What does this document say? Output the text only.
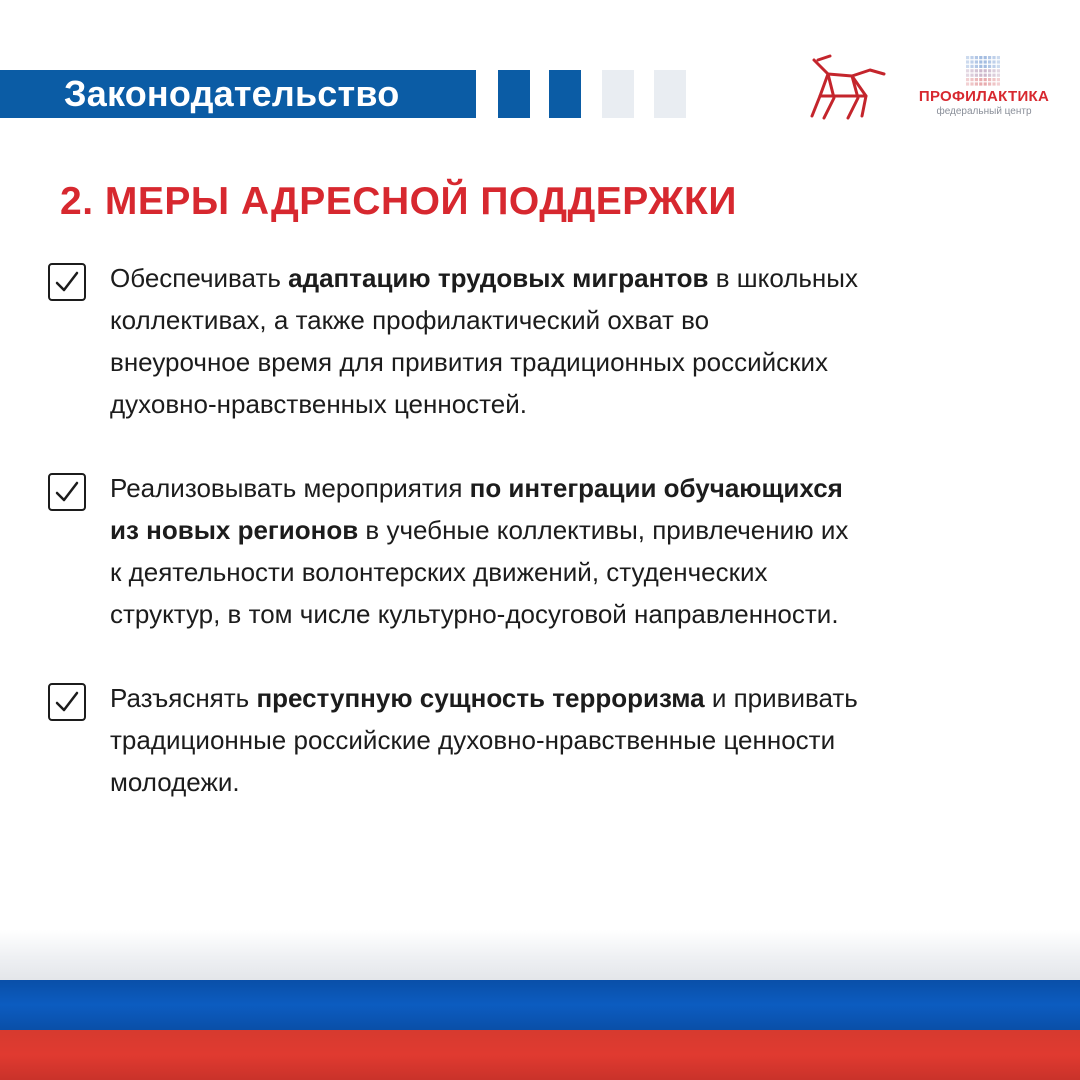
Законодательство	ПРОФИЛАКТИКА
федеральный центр
2. МЕРЫ АДРЕСНОЙ ПОДДЕРЖКИ
Обеспечивать адаптацию трудовых мигрантов в школьных
коллективах, а также профилактический охват во
внеурочное время для привития традиционных российских
духовно-нравственных ценностей.
Реализовывать мероприятия по интеграции обучающихся
из новых регионов в учебные коллективы, привлечению их
к деятельности волонтерских движений, студенческих
структур, в том числе культурно-досуговой направленности.
Разъяснять преступную сущность терроризма и прививать
традиционные российские духовно-нравственные ценности
молодежи.
